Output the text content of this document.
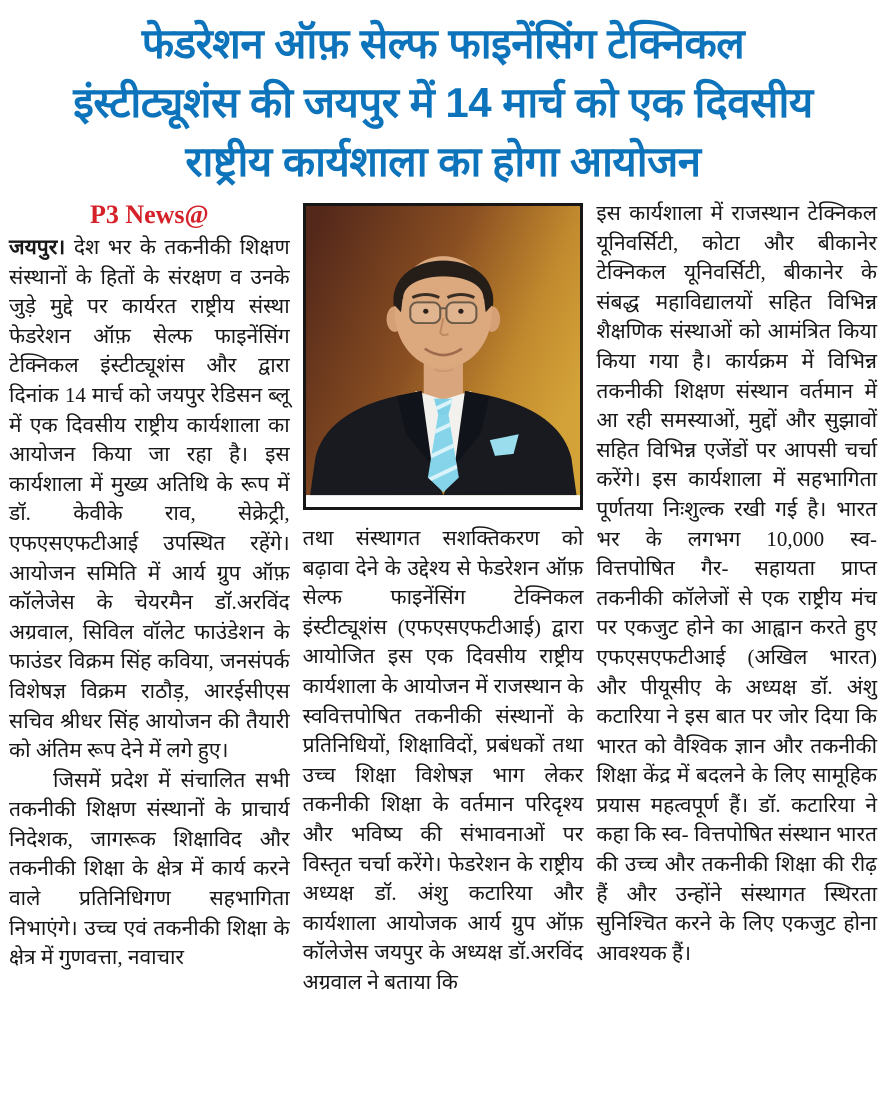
फेडरेशन ऑफ़ सेल्फ फाइनेंसिंग टेक्निकल
इंस्टीट्यूशंस की जयपुर में 14 मार्च को एक दिवसीय
राष्ट्रीय कार्यशाला का होगा आयोजन
P3 News@

जयपुर। देश भर के तकनीकी शिक्षण संस्थानों के हितों के संरक्षण व उनके जुड़े मुद्दे पर कार्यरत राष्ट्रीय संस्था फेडरेशन ऑफ़ सेल्फ फाइनेंसिंग टेक्निकल इंस्टीट्यूशंस और द्वारा दिनांक 14 मार्च को जयपुर रेडिसन ब्लू में एक दिवसीय राष्ट्रीय कार्यशाला का आयोजन किया जा रहा है। इस कार्यशाला में मुख्य अतिथि के रूप में डॉ. केवीके राव, सेक्रेट्री, एफएसएफटीआई उपस्थित रहेंगे।आयोजन समिति में आर्य ग्रुप ऑफ़ कॉलेजेस के चेयरमैन डॉ.अरविंद अग्रवाल, सिविल वॉलेट फाउंडेशन के फाउंडर विक्रम सिंह कविया, जनसंपर्क विशेषज्ञ विक्रम राठौड़, आरईसीएस सचिव श्रीधर सिंह आयोजन की तैयारी को अंतिम रूप देने में लगे हुए।

जिसमें प्रदेश में संचालित सभी तकनीकी शिक्षण संस्थानों के प्राचार्य निदेशक, जागरूक शिक्षाविद और तकनीकी शिक्षा के क्षेत्र में कार्य करने वाले प्रतिनिधिगण सहभागिता निभाएंगे। उच्च एवं तकनीकी शिक्षा के क्षेत्र में गुणवत्ता, नवाचार

तथा संस्थागत सशक्तिकरण को बढ़ावा देने के उद्देश्य से फेडरेशन ऑफ़ सेल्फ फाइनेंसिंग टेक्निकल इंस्टीट्यूशंस (एफएसएफटीआई) द्वारा आयोजित इस एक दिवसीय राष्ट्रीय कार्यशाला के आयोजन में राजस्थान के स्ववित्तपोषित तकनीकी संस्थानों के प्रतिनिधियों, शिक्षाविदों, प्रबंधकों तथा उच्च शिक्षा विशेषज्ञ भाग लेकर तकनीकी शिक्षा के वर्तमान परिदृश्य और भविष्य की संभावनाओं पर विस्तृत चर्चा करेंगे। फेडरेशन के राष्ट्रीय अध्यक्ष डॉ. अंशु कटारिया और कार्यशाला आयोजक आर्य ग्रुप ऑफ़ कॉलेजेस जयपुर के अध्यक्ष डॉ.अरविंद अग्रवाल ने बताया कि

इस कार्यशाला में राजस्थान टेक्निकल यूनिवर्सिटी, कोटा और बीकानेर टेक्निकल यूनिवर्सिटी, बीकानेर के संबद्ध महाविद्यालयों सहित विभिन्न शैक्षणिक संस्थाओं को आमंत्रित किया किया गया है। कार्यक्रम में विभिन्न तकनीकी शिक्षण संस्थान वर्तमान में आ रही समस्याओं, मुद्दों और सुझावों सहित विभिन्न एजेंडों पर आपसी चर्चा करेंगे। इस कार्यशाला में सहभागिता पूर्णतया निःशुल्क रखी गई है। भारत भर के लगभग 10,000 स्व- वित्तपोषित गैर- सहायता प्राप्त तकनीकी कॉलेजों से एक राष्ट्रीय मंच पर एकजुट होने का आह्वान करते हुए एफएसएफटीआई (अखिल भारत) और पीयूसीए के अध्यक्ष डॉ. अंशु कटारिया ने इस बात पर जोर दिया कि भारत को वैश्विक ज्ञान और तकनीकी शिक्षा केंद्र में बदलने के लिए सामूहिक प्रयास महत्वपूर्ण हैं। डॉ. कटारिया ने कहा कि स्व- वित्तपोषित संस्थान भारत की उच्च और तकनीकी शिक्षा की रीढ़ हैं और उन्होंने संस्थागत स्थिरता सुनिश्चित करने के लिए एकजुट होना आवश्यक हैं।
